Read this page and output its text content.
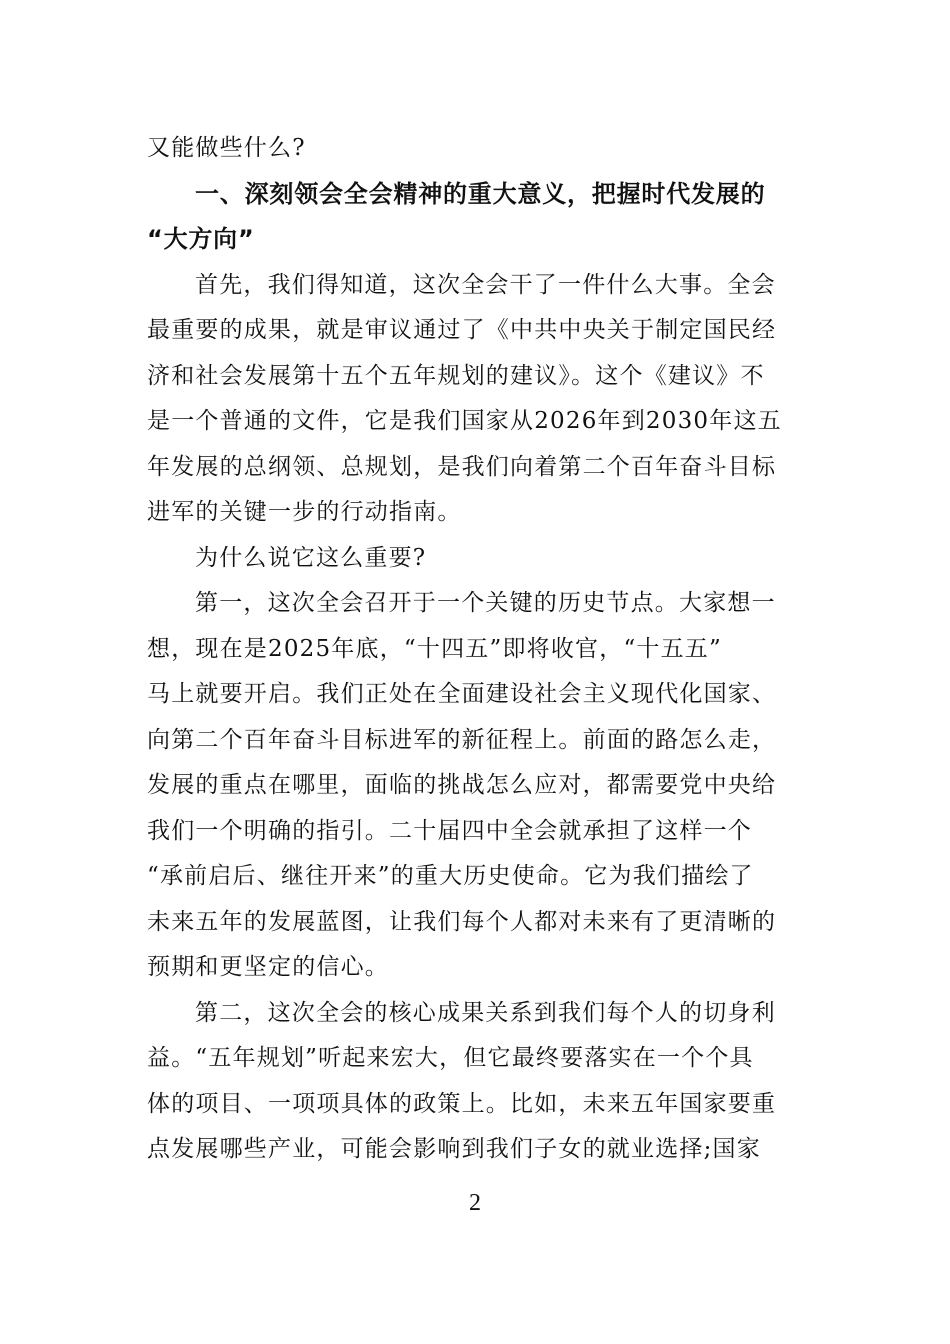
又能做些什么?
一、深刻领会全会精神的重大意义，把握时代发展的
“大方向”
首先，我们得知道，这次全会干了一件什么大事。全会
最重要的成果，就是审议通过了《中共中央关于制定国民经
济和社会发展第十五个五年规划的建议》。这个《建议》不
是一个普通的文件，它是我们国家从2026年到2030年这五
年发展的总纲领、总规划，是我们向着第二个百年奋斗目标
进军的关键一步的行动指南。
为什么说它这么重要?
第一，这次全会召开于一个关键的历史节点。大家想一
想，现在是2025年底，“十四五”即将收官，“十五五”
马上就要开启。我们正处在全面建设社会主义现代化国家、
向第二个百年奋斗目标进军的新征程上。前面的路怎么走，
发展的重点在哪里，面临的挑战怎么应对，都需要党中央给
我们一个明确的指引。二十届四中全会就承担了这样一个
“承前启后、继往开来”的重大历史使命。它为我们描绘了
未来五年的发展蓝图，让我们每个人都对未来有了更清晰的
预期和更坚定的信心。
第二，这次全会的核心成果关系到我们每个人的切身利
益。“五年规划”听起来宏大，但它最终要落实在一个个具
体的项目、一项项具体的政策上。比如，未来五年国家要重
点发展哪些产业，可能会影响到我们子女的就业选择;国家
2
